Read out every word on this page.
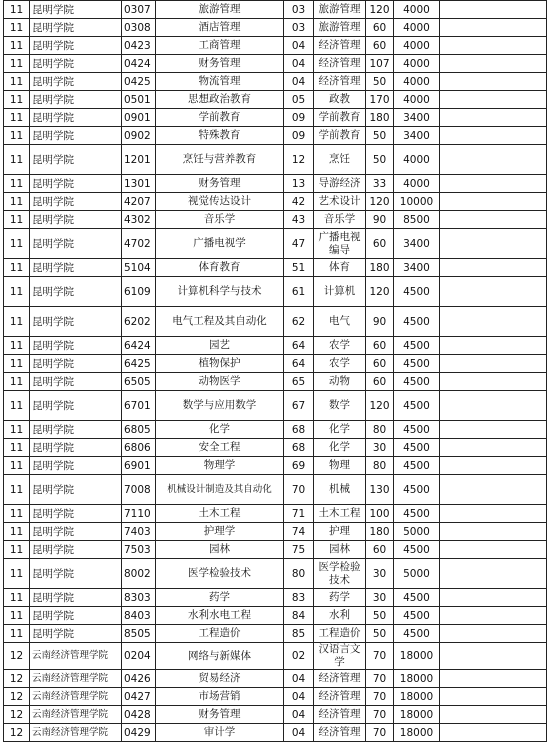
11	昆明学院	0307	旅游管理	03	旅游管理	120	4000	
11	昆明学院	0308	酒店管理	03	旅游管理	60	4000	
11	昆明学院	0423	工商管理	04	经济管理	60	4000	
11	昆明学院	0424	财务管理	04	经济管理	107	4000	
11	昆明学院	0425	物流管理	04	经济管理	50	4000	
11	昆明学院	0501	思想政治教育	05	政教	170	4000	
11	昆明学院	0901	学前教育	09	学前教育	180	3400	
11	昆明学院	0902	特殊教育	09	学前教育	50	3400	
11	昆明学院	1201	烹饪与营养教育	12	烹饪	50	4000	
11	昆明学院	1301	财务管理	13	导游经济	33	4000	
11	昆明学院	4207	视觉传达设计	42	艺术设计	120	10000	
11	昆明学院	4302	音乐学	43	音乐学	90	8500	
11	昆明学院	4702	广播电视学	47	广播电视编导	60	3400	
11	昆明学院	5104	体育教育	51	体育	180	3400	
11	昆明学院	6109	计算机科学与技术	61	计算机	120	4500	
11	昆明学院	6202	电气工程及其自动化	62	电气	90	4500	
11	昆明学院	6424	园艺	64	农学	60	4500	
11	昆明学院	6425	植物保护	64	农学	60	4500	
11	昆明学院	6505	动物医学	65	动物	60	4500	
11	昆明学院	6701	数学与应用数学	67	数学	120	4500	
11	昆明学院	6805	化学	68	化学	80	4500	
11	昆明学院	6806	安全工程	68	化学	30	4500	
11	昆明学院	6901	物理学	69	物理	80	4500	
11	昆明学院	7008	机械设计制造及其自动化	70	机械	130	4500	
11	昆明学院	7110	土木工程	71	土木工程	100	4500	
11	昆明学院	7403	护理学	74	护理	180	5000	
11	昆明学院	7503	园林	75	园林	60	4500	
11	昆明学院	8002	医学检验技术	80	医学检验技术	30	5000	
11	昆明学院	8303	药学	83	药学	30	4500	
11	昆明学院	8403	水利水电工程	84	水利	50	4500	
11	昆明学院	8505	工程造价	85	工程造价	50	4500	
12	云南经济管理学院	0204	网络与新媒体	02	汉语言文学	70	18000	
12	云南经济管理学院	0426	贸易经济	04	经济管理	70	18000	
12	云南经济管理学院	0427	市场营销	04	经济管理	70	18000	
12	云南经济管理学院	0428	财务管理	04	经济管理	70	18000	
12	云南经济管理学院	0429	审计学	04	经济管理	70	18000	
